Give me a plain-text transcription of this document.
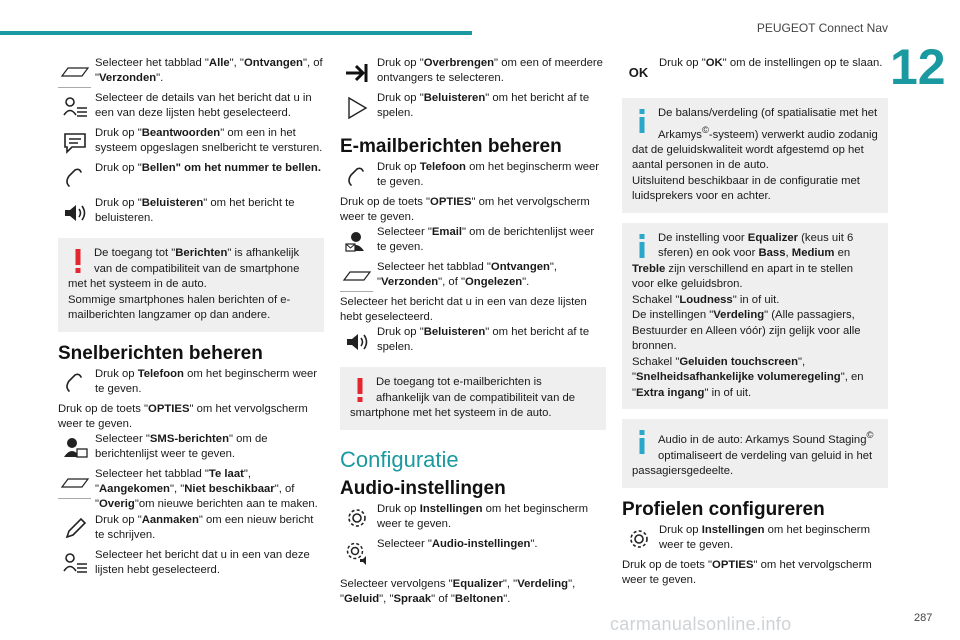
PEUGEOT Connect Nav
12
287
carmanualsonline.info
Selecteer het tabblad "Alle", "Ontvangen", of "Verzonden".
Selecteer de details van het bericht dat u in een van deze lijsten hebt geselecteerd.
Druk op "Beantwoorden" om een in het systeem opgeslagen snelbericht te versturen.
Druk op "Bellen" om het nummer te bellen.
Druk op "Beluisteren" om het bericht te beluisteren.

De toegang tot "Berichten" is afhankelijk van de compatibiliteit van de smartphone met het systeem in de auto.

Sommige smartphones halen berichten of e-mailberichten langzamer op dan andere.

Snelberichten beheren
Druk op Telefoon om het beginscherm weer te geven.

Druk op de toets "OPTIES" om het vervolgscherm weer te geven.

Selecteer "SMS-berichten" om de berichtenlijst weer te geven.
Selecteer het tabblad "Te laat", "Aangekomen", "Niet beschikbaar", of "Overig"om nieuwe berichten aan te maken.
Druk op "Aanmaken" om een nieuw bericht te schrijven.
Selecteer het bericht dat u in een van deze lijsten hebt geselecteerd.
Druk op "Overbrengen" om een of meerdere ontvangers te selecteren.
Druk op "Beluisteren" om het bericht af te spelen.
E-mailberichten beheren
Druk op Telefoon om het beginscherm weer te geven.

Druk op de toets "OPTIES" om het vervolgscherm weer te geven.

Selecteer "Email" om de berichtenlijst weer te geven.
Selecteer het tabblad "Ontvangen", "Verzonden", of "Ongelezen".

Selecteer het bericht dat u in een van deze lijsten hebt geselecteerd.

Druk op "Beluisteren" om het bericht af te spelen.

De toegang tot e-mailberichten is afhankelijk van de compatibiliteit van de smartphone met het systeem in de auto.

Configuratie
Audio-instellingen
Druk op Instellingen om het beginscherm weer te geven.
Selecteer "Audio-instellingen".

Selecteer vervolgens "Equalizer", "Verdeling", "Geluid", "Spraak" of "Beltonen".

OK
Druk op "OK" om de instellingen op te slaan.

De balans/verdeling (of spatialisatie met het Arkamys©-systeem) verwerkt audio zodanig dat de geluidskwaliteit wordt afgestemd op het aantal personen in de auto.

Uitsluitend beschikbaar in de configuratie met luidsprekers voor en achter.

De instelling voor Equalizer (keus uit 6 sferen) en ook voor Bass, Medium en Treble zijn verschillend en apart in te stellen voor elke geluidsbron.

Schakel "Loudness" in of uit.

De instellingen "Verdeling" (Alle passagiers, Bestuurder en Alleen vóór) zijn gelijk voor alle bronnen.

Schakel "Geluiden touchscreen", "Snelheidsafhankelijke volumeregeling", en "Extra ingang" in of uit.

Audio in de auto: Arkamys Sound Staging© optimaliseert de verdeling van geluid in het passagiersgedeelte.

Profielen configureren
Druk op Instellingen om het beginscherm weer te geven.

Druk op de toets "OPTIES" om het vervolgscherm weer te geven.
